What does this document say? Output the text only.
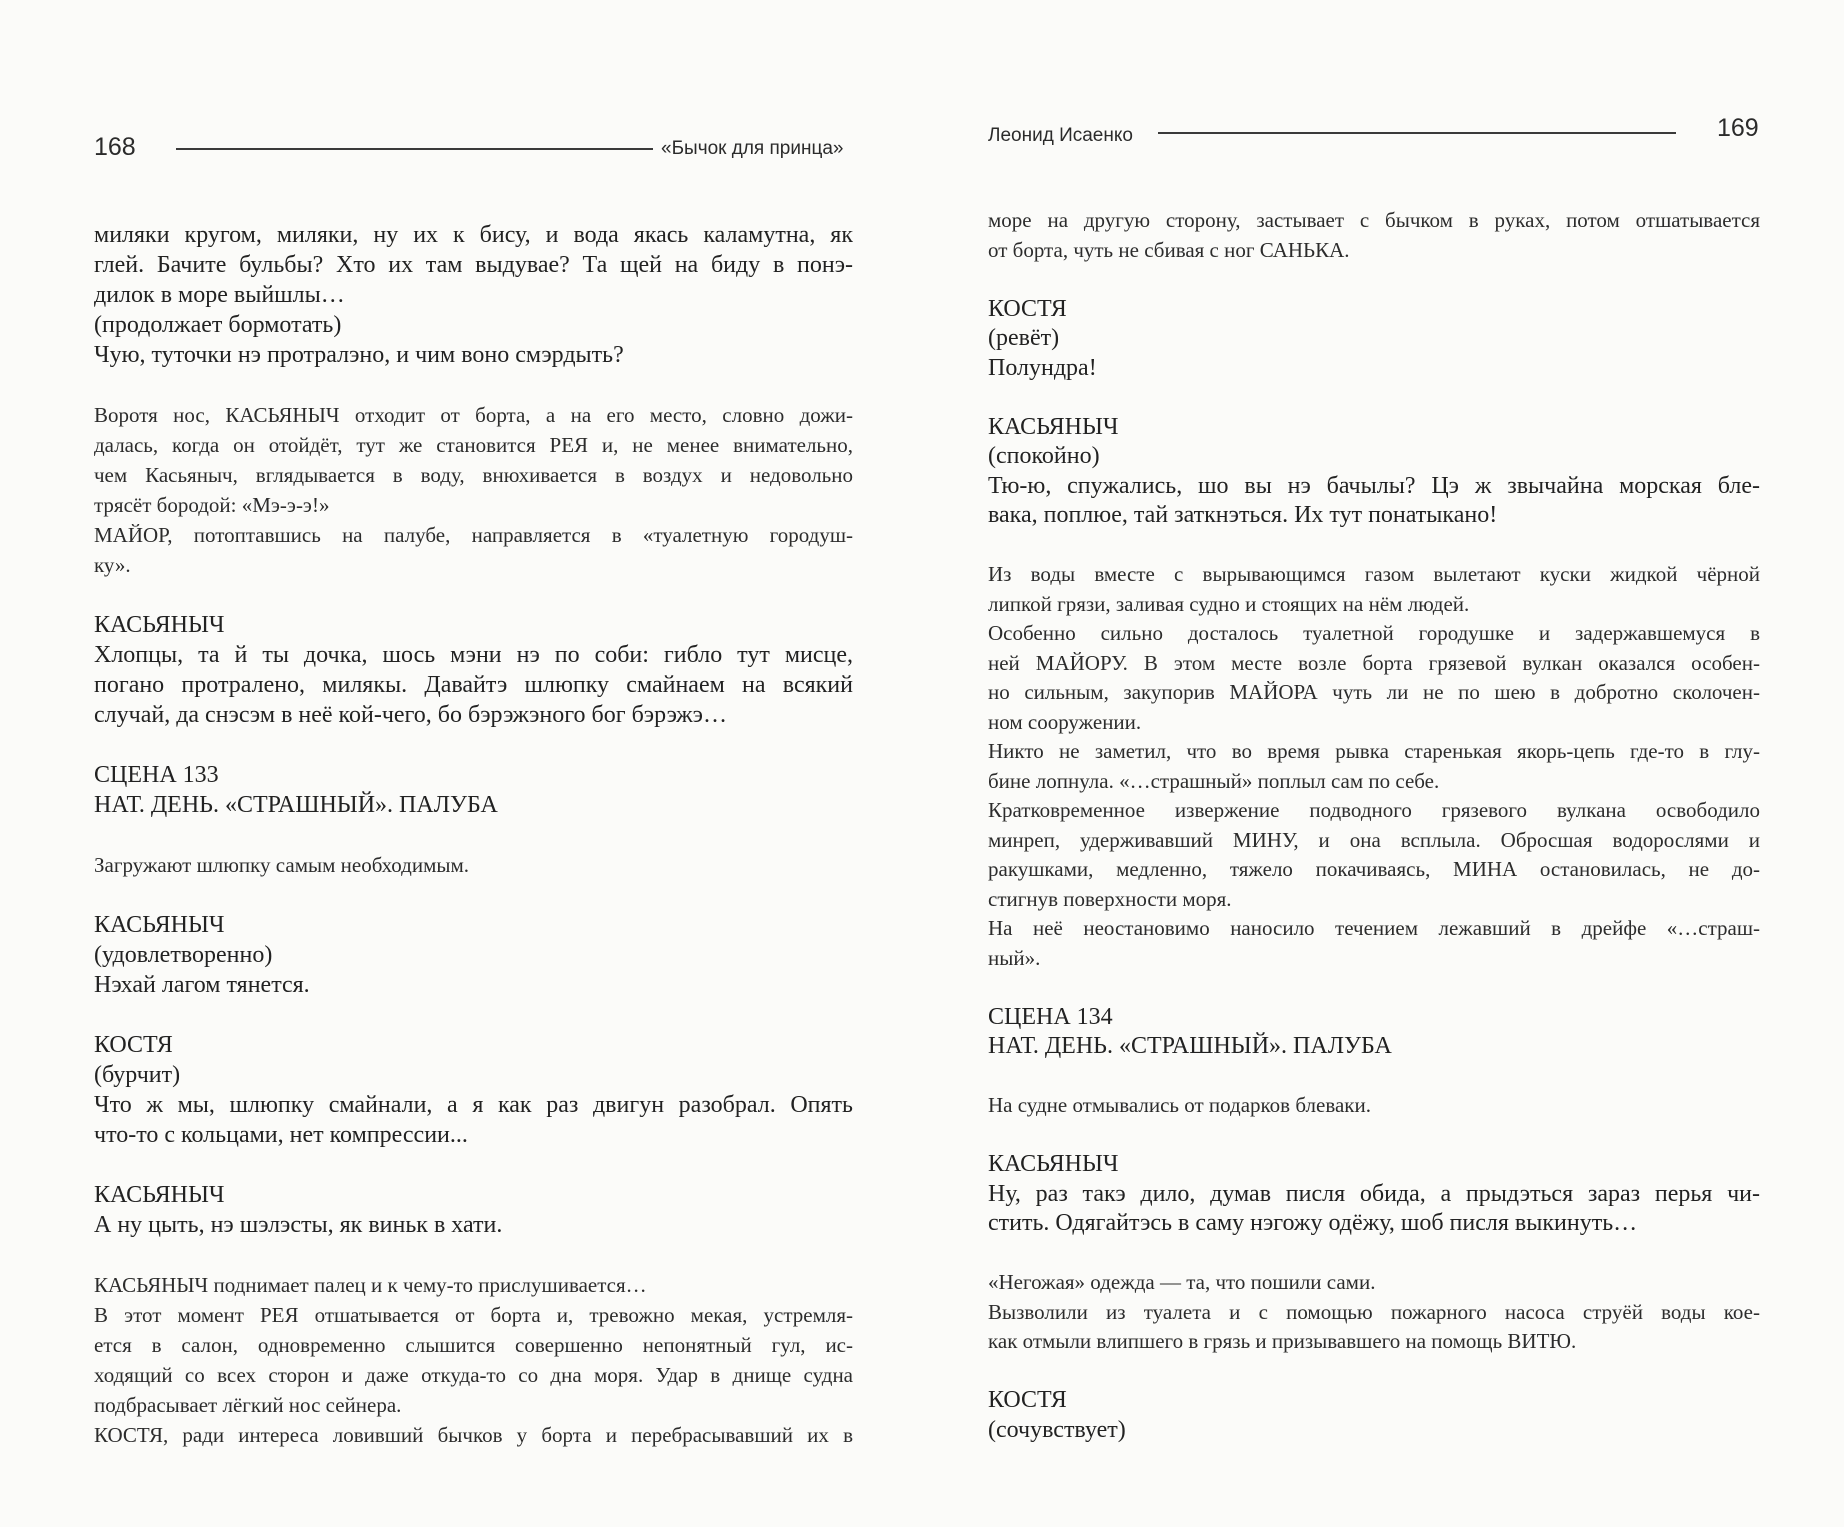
168	«Бычок для принца»
Леонид Исаенко	169
миляки кругом, миляки, ну их к бису, и вода якась каламутна, як
глей. Бачите бульбы? Хто их там выдувае? Та щей на биду в понэ-
дилок в море выйшлы…
(продолжает бормотать)
Чую, туточки нэ протралэно, и чим воно смэрдыть?
Воротя нос, КАСЬЯНЫЧ отходит от борта, а на его место, словно дожи-
далась, когда он отойдёт, тут же становится РЕЯ и, не менее внимательно,
чем Касьяныч, вглядывается в воду, внюхивается в воздух и недовольно
трясёт бородой: «Мэ-э-э!»
МАЙОР, потоптавшись на палубе, направляется в «туалетную городуш-
ку».
КАСЬЯНЫЧ
Хлопцы, та й ты дочка, шось мэни нэ по соби: гибло тут мисце,
погано протралено, милякы. Давайтэ шлюпку смайнаем на всякий
случай, да снэсэм в неё кой-чего, бо бэрэжэного бог бэрэжэ…
СЦЕНА 133
НАТ. ДЕНЬ. «СТРАШНЫЙ». ПАЛУБА
Загружают шлюпку самым необходимым.
КАСЬЯНЫЧ
(удовлетворенно)
Нэхай лагом тянется.
КОСТЯ
(бурчит)
Что ж мы, шлюпку смайнали, а я как раз двигун разобрал. Опять
что-то с кольцами, нет компрессии...
КАСЬЯНЫЧ
А ну цыть, нэ шэлэсты, як виньк в хати.
КАСЬЯНЫЧ поднимает палец и к чему-то прислушивается…
В этот момент РЕЯ отшатывается от борта и, тревожно мекая, устремля-
ется в салон, одновременно слышится совершенно непонятный гул, ис-
ходящий со всех сторон и даже откуда-то со дна моря. Удар в днище судна
подбрасывает лёгкий нос сейнера.
КОСТЯ, ради интереса ловивший бычков у борта и перебрасывавший их в
море на другую сторону, застывает с бычком в руках, потом отшатывается
от борта, чуть не сбивая с ног САНЬКА.
КОСТЯ
(ревёт)
Полундра!
КАСЬЯНЫЧ
(спокойно)
Тю-ю, спужались, шо вы нэ бачылы? Цэ ж звычайна морская бле-
вака, поплюе, тай заткнэться. Их тут понатыкано!
Из воды вместе с вырывающимся газом вылетают куски жидкой чёрной
липкой грязи, заливая судно и стоящих на нём людей.
Особенно сильно досталось туалетной городушке и задержавшемуся в
ней МАЙОРУ. В этом месте возле борта грязевой вулкан оказался особен-
но сильным, закупорив МАЙОРА чуть ли не по шею в добротно сколочен-
ном сооружении.
Никто не заметил, что во время рывка старенькая якорь-цепь где-то в глу-
бине лопнула. «…страшный» поплыл сам по себе.
Кратковременное извержение подводного грязевого вулкана освободило
минреп, удерживавший МИНУ, и она всплыла. Обросшая водорослями и
ракушками, медленно, тяжело покачиваясь, МИНА остановилась, не до-
стигнув поверхности моря.
На неё неостановимо наносило течением лежавший в дрейфе «…страш-
ный».
СЦЕНА 134
НАТ. ДЕНЬ. «СТРАШНЫЙ». ПАЛУБА
На судне отмывались от подарков блеваки.
КАСЬЯНЫЧ
Ну, раз такэ дило, думав писля обида, а прыдэться зараз перья чи-
стить. Одягайтэсь в саму нэгожу одёжу, шоб писля выкинуть…
«Негожая» одежда — та, что пошили сами.
Вызволили из туалета и с помощью пожарного насоса струёй воды кое-
как отмыли влипшего в грязь и призывавшего на помощь ВИТЮ.
КОСТЯ
(сочувствует)
